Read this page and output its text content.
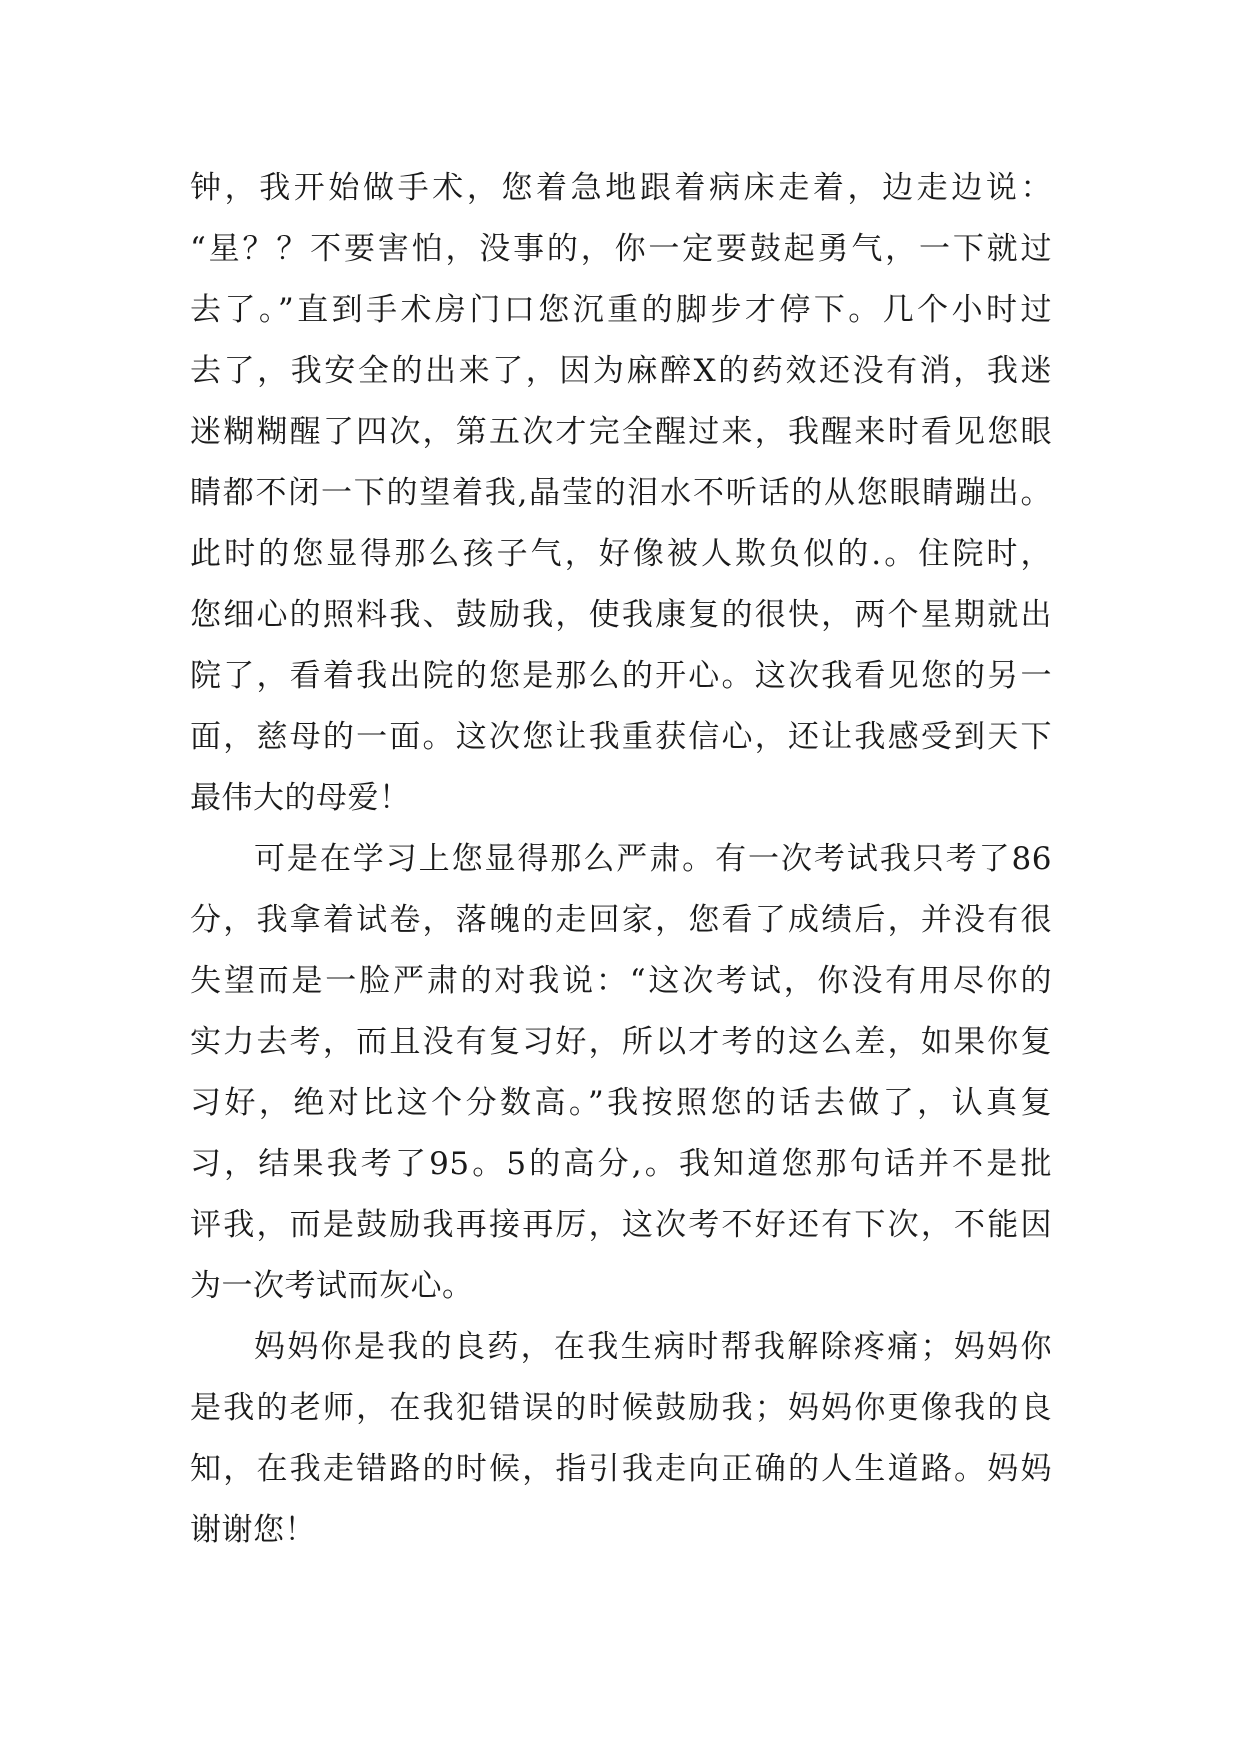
钟，我开始做手术，您着急地跟着病床走着，边走边说：
“星？？不要害怕，没事的，你一定要鼓起勇气，一下就过
去了。”直到手术房门口您沉重的脚步才停下。几个小时过
去了，我安全的出来了，因为麻醉X的药效还没有消，我迷
迷糊糊醒了四次，第五次才完全醒过来，我醒来时看见您眼
睛都不闭一下的望着我,晶莹的泪水不听话的从您眼睛蹦出。
此时的您显得那么孩子气，好像被人欺负似的.。住院时，
您细心的照料我、鼓励我，使我康复的很快，两个星期就出
院了，看着我出院的您是那么的开心。这次我看见您的另一
面，慈母的一面。这次您让我重获信心，还让我感受到天下
最伟大的母爱！
可是在学习上您显得那么严肃。有一次考试我只考了86
分，我拿着试卷，落魄的走回家，您看了成绩后，并没有很
失望而是一脸严肃的对我说：“这次考试，你没有用尽你的
实力去考，而且没有复习好，所以才考的这么差，如果你复
习好，绝对比这个分数高。”我按照您的话去做了，认真复
习，结果我考了95。5的高分,。我知道您那句话并不是批
评我，而是鼓励我再接再厉，这次考不好还有下次，不能因
为一次考试而灰心。
妈妈你是我的良药，在我生病时帮我解除疼痛；妈妈你
是我的老师，在我犯错误的时候鼓励我；妈妈你更像我的良
知，在我走错路的时候，指引我走向正确的人生道路。妈妈
谢谢您！
